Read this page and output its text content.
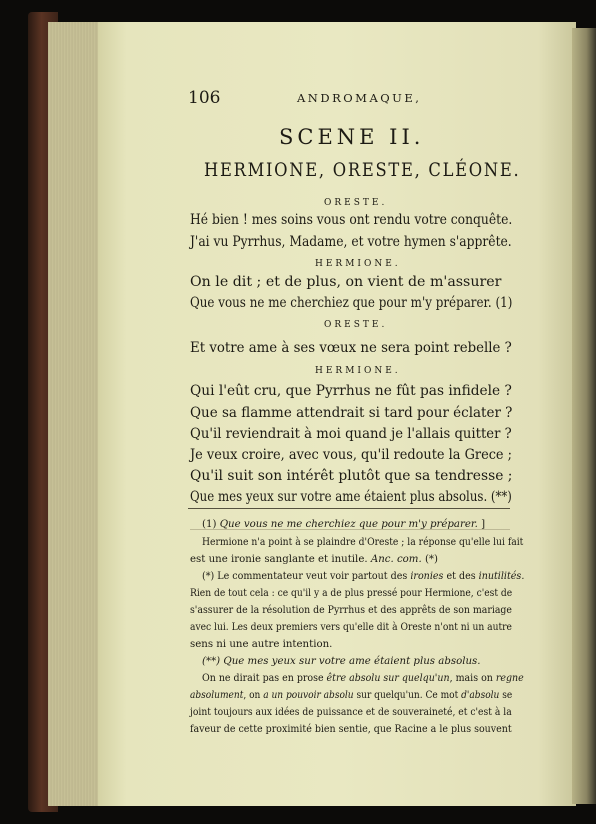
106	ANDROMAQUE,
SCENE II.
HERMIONE, ORESTE, CLÉONE.
ORESTE.
Hé bien ! mes soins vous ont rendu votre conquête.
J'ai vu Pyrrhus, Madame, et votre hymen s'apprête.
HERMIONE.
On le dit ; et de plus, on vient de m'assurer
Que vous ne me cherchiez que pour m'y préparer. (1)
ORESTE.
Et votre ame à ses vœux ne sera point rebelle ?
HERMIONE.
Qui l'eût cru, que Pyrrhus ne fût pas infidele ?
Que sa flamme attendrait si tard pour éclater ?
Qu'il reviendrait à moi quand je l'allais quitter ?
Je veux croire, avec vous, qu'il redoute la Grece ;
Qu'il suit son intérêt plutôt que sa tendresse ;
Que mes yeux sur votre ame étaient plus absolus. (**)
(1) Que vous ne me cherchiez que pour m'y préparer. ]
Hermione n'a point à se plaindre d'Oreste ; la réponse qu'elle lui fait
est une ironie sanglante et inutile. Anc. com. (*)
(*) Le commentateur veut voir partout des ironies et des inutilités.
Rien de tout cela : ce qu'il y a de plus pressé pour Hermione, c'est de
s'assurer de la résolution de Pyrrhus et des apprêts de son mariage
avec lui. Les deux premiers vers qu'elle dit à Oreste n'ont ni un autre
sens ni une autre intention.
(**) Que mes yeux sur votre ame étaient plus absolus.
On ne dirait pas en prose être absolu sur quelqu'un, mais on regne
absolument, on a un pouvoir absolu sur quelqu'un. Ce mot d'absolu se
joint toujours aux idées de puissance et de souveraineté, et c'est à la
faveur de cette proximité bien sentie, que Racine a le plus souvent
